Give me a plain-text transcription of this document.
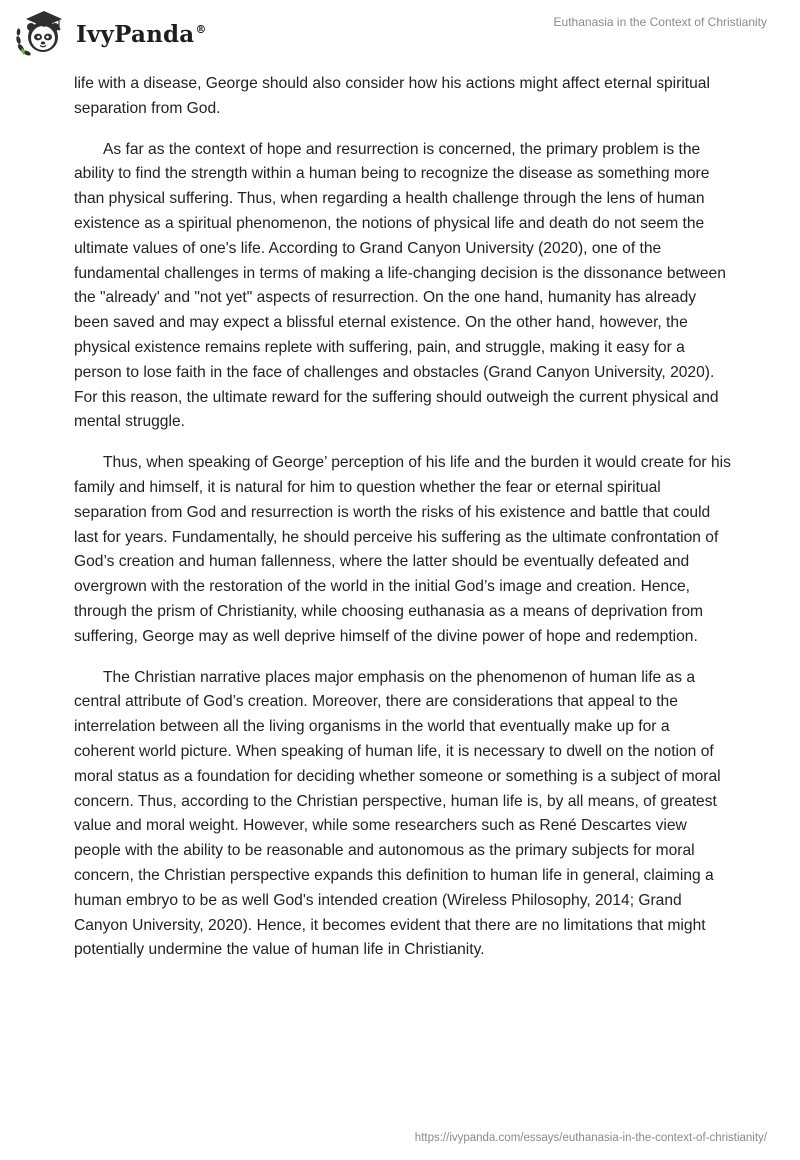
IvyPanda®
Euthanasia in the Context of Christianity

life with a disease, George should also consider how his actions might affect eternal spiritual separation from God.

As far as the context of hope and resurrection is concerned, the primary problem is the ability to find the strength within a human being to recognize the disease as something more than physical suffering. Thus, when regarding a health challenge through the lens of human existence as a spiritual phenomenon, the notions of physical life and death do not seem the ultimate values of one's life. According to Grand Canyon University (2020), one of the fundamental challenges in terms of making a life-changing decision is the dissonance between the "already' and "not yet" aspects of resurrection. On the one hand, humanity has already been saved and may expect a blissful eternal existence. On the other hand, however, the physical existence remains replete with suffering, pain, and struggle, making it easy for a person to lose faith in the face of challenges and obstacles (Grand Canyon University, 2020). For this reason, the ultimate reward for the suffering should outweigh the current physical and mental struggle.

Thus, when speaking of George’ perception of his life and the burden it would create for his family and himself, it is natural for him to question whether the fear or eternal spiritual separation from God and resurrection is worth the risks of his existence and battle that could last for years. Fundamentally, he should perceive his suffering as the ultimate confrontation of God’s creation and human fallenness, where the latter should be eventually defeated and overgrown with the restoration of the world in the initial God’s image and creation. Hence, through the prism of Christianity, while choosing euthanasia as a means of deprivation from suffering, George may as well deprive himself of the divine power of hope and redemption.

The Christian narrative places major emphasis on the phenomenon of human life as a central attribute of God’s creation. Moreover, there are considerations that appeal to the interrelation between all the living organisms in the world that eventually make up for a coherent world picture. When speaking of human life, it is necessary to dwell on the notion of moral status as a foundation for deciding whether someone or something is a subject of moral concern. Thus, according to the Christian perspective, human life is, by all means, of greatest value and moral weight. However, while some researchers such as René Descartes view people with the ability to be reasonable and autonomous as the primary subjects for moral concern, the Christian perspective expands this definition to human life in general, claiming a human embryo to be as well God's intended creation (Wireless Philosophy, 2014; Grand Canyon University, 2020). Hence, it becomes evident that there are no limitations that might potentially undermine the value of human life in Christianity.

https://ivypanda.com/essays/euthanasia-in-the-context-of-christianity/
